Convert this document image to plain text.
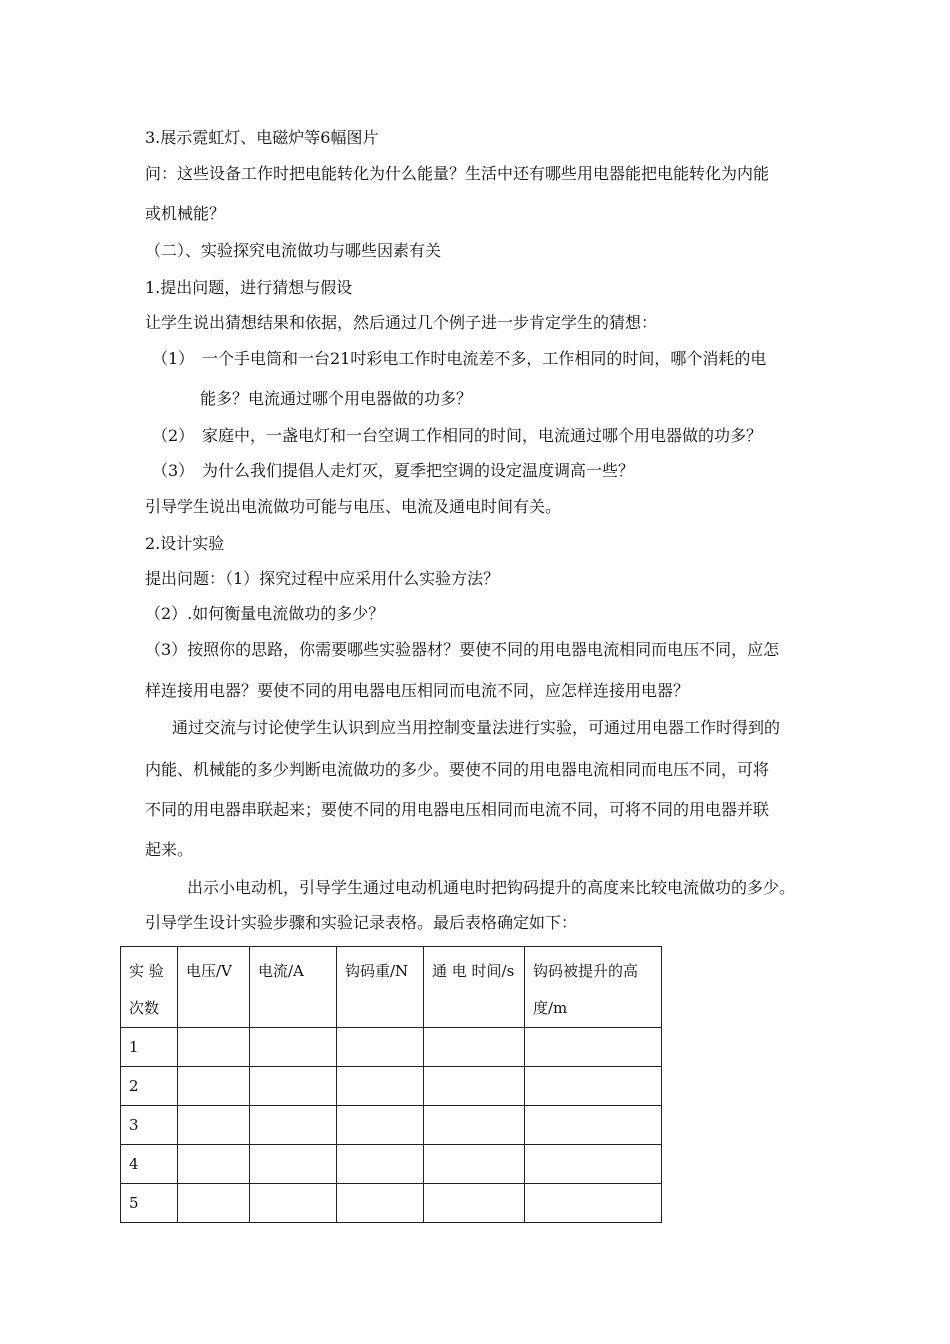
3.展示霓虹灯、电磁炉等6幅图片
问：这些设备工作时把电能转化为什么能量？生活中还有哪些用电器能把电能转化为内能
或机械能？
（二）、实验探究电流做功与哪些因素有关
1.提出问题，进行猜想与假设
让学生说出猜想结果和依据，然后通过几个例子进一步肯定学生的猜想：
（1） 一个手电筒和一台21吋彩电工作时电流差不多，工作相同的时间，哪个消耗的电
能多？电流通过哪个用电器做的功多？
（2） 家庭中，一盏电灯和一台空调工作相同的时间，电流通过哪个用电器做的功多？
（3） 为什么我们提倡人走灯灭，夏季把空调的设定温度调高一些？
引导学生说出电流做功可能与电压、电流及通电时间有关。
2.设计实验
提出问题：（1）探究过程中应采用什么实验方法？
（2）.如何衡量电流做功的多少？
（3）按照你的思路，你需要哪些实验器材？要使不同的用电器电流相同而电压不同，应怎
样连接用电器？要使不同的用电器电压相同而电流不同，应怎样连接用电器？
通过交流与讨论使学生认识到应当用控制变量法进行实验，可通过用电器工作时得到的
内能、机械能的多少判断电流做功的多少。要使不同的用电器电流相同而电压不同，可将
不同的用电器串联起来；要使不同的用电器电压相同而电流不同，可将不同的用电器并联
起来。
出示小电动机，引导学生通过电动机通电时把钩码提升的高度来比较电流做功的多少。
引导学生设计实验步骤和实验记录表格。最后表格确定如下：
实 验次数	电压/V	电流/A	钩码重/N	通 电 时间/s	钩码被提升的高度/m
1					
2					
3					
4					
5					
